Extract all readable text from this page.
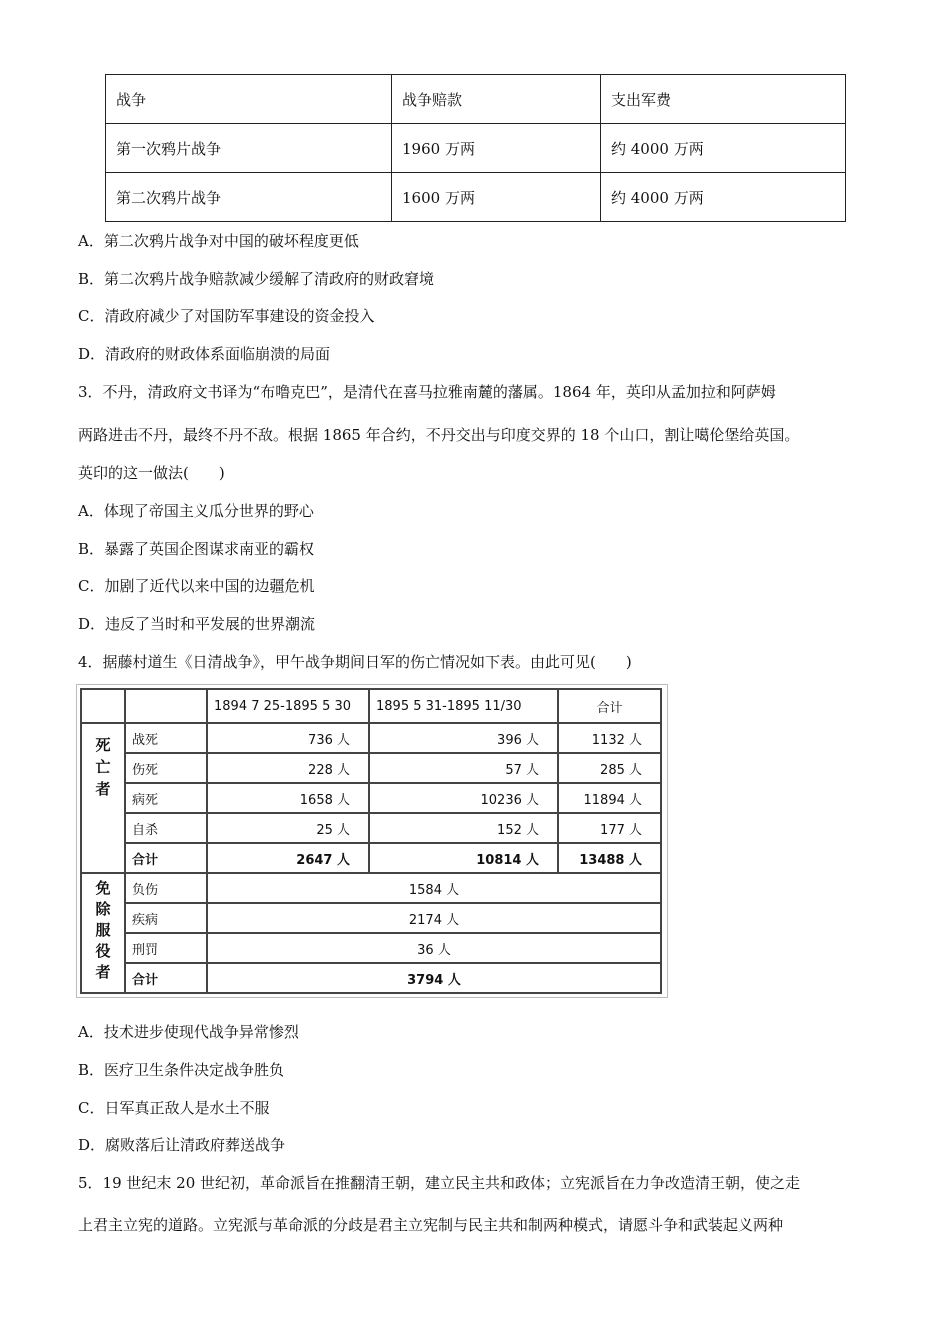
战争	战争赔款	支出军费
第一次鸦片战争	1960 万两	约 4000 万两
第二次鸦片战争	1600 万两	约 4000 万两
A．第二次鸦片战争对中国的破坏程度更低
B．第二次鸦片战争赔款减少缓解了清政府的财政窘境
C．清政府减少了对国防军事建设的资金投入
D．清政府的财政体系面临崩溃的局面
3．不丹，清政府文书译为“布噜克巴”，是清代在喜马拉雅南麓的藩属。1864 年，英印从孟加拉和阿萨姆
两路进击不丹，最终不丹不敌。根据 1865 年合约，不丹交出与印度交界的 18 个山口，割让噶伦堡给英国。
英印的这一做法(　　)
A．体现了帝国主义瓜分世界的野心
B．暴露了英国企图谋求南亚的霸权
C．加剧了近代以来中国的边疆危机
D．违反了当时和平发展的世界潮流
4．据藤村道生《日清战争》，甲午战争期间日军的伤亡情况如下表。由此可见(　　)
		1894 7 25-1895 5 30	1895 5 31-1895 11/30	合计
死
亡
者	战死	736 人	396 人	1132 人
	伤死	228 人	57 人	285 人
	病死	1658 人	10236 人	11894 人
	自杀	25 人	152 人	177 人
	合计	2647 人	10814 人	13488 人
免
除
服
役
者	负伤	1584 人		
	疾病	2174 人		
	刑罚	36 人		
	合计	3794 人		
A．技术进步使现代战争异常惨烈
B．医疗卫生条件决定战争胜负
C．日军真正敌人是水土不服
D．腐败落后让清政府葬送战争
5．19 世纪末 20 世纪初，革命派旨在推翻清王朝，建立民主共和政体；立宪派旨在力争改造清王朝，使之走
上君主立宪的道路。立宪派与革命派的分歧是君主立宪制与民主共和制两种模式，请愿斗争和武装起义两种
